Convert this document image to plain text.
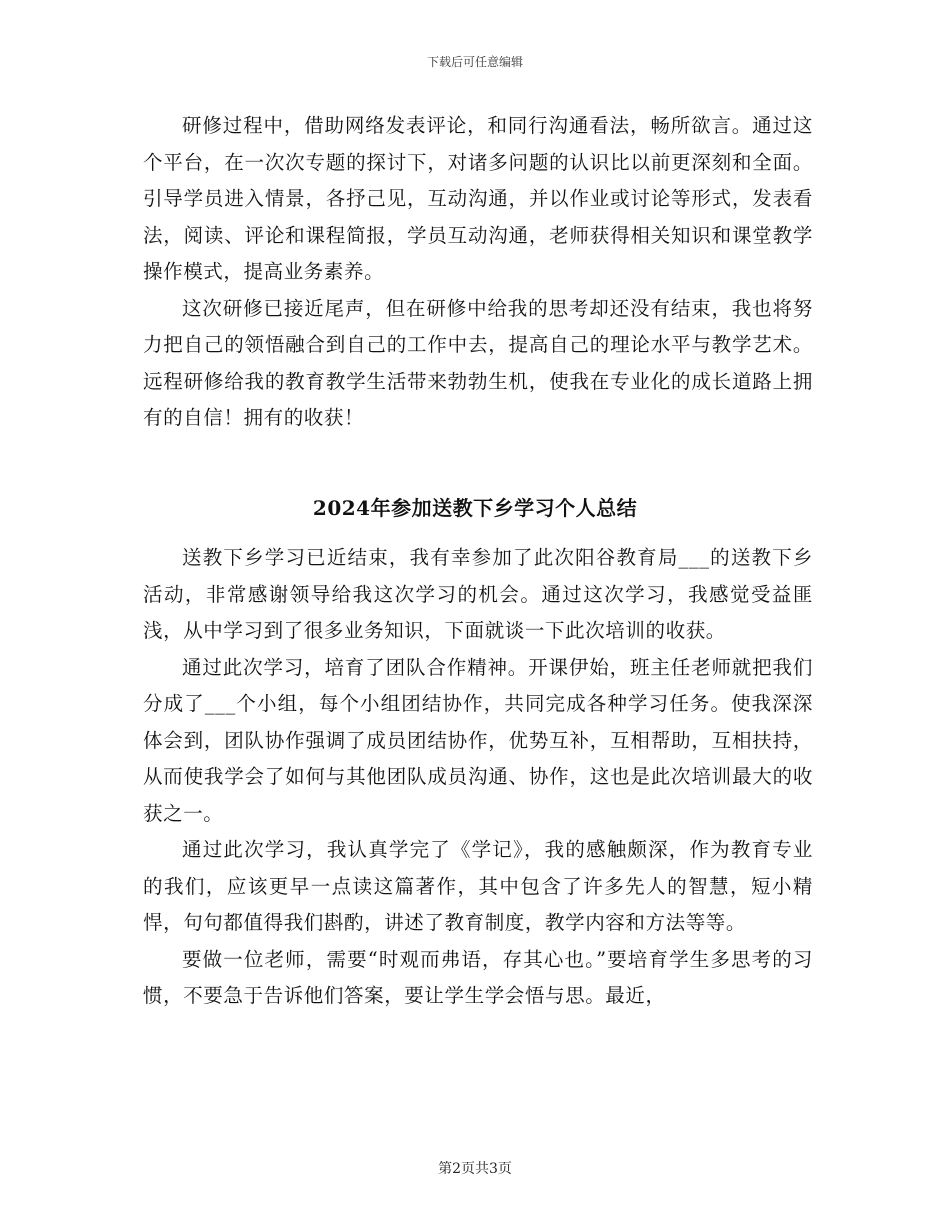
下载后可任意编辑

研修过程中，借助网络发表评论，和同行沟通看法，畅所欲言。通过这个平台，在一次次专题的探讨下，对诸多问题的认识比以前更深刻和全面。引导学员进入情景，各抒己见，互动沟通，并以作业或讨论等形式，发表看法，阅读、评论和课程简报，学员互动沟通，老师获得相关知识和课堂教学操作模式，提高业务素养。

这次研修已接近尾声，但在研修中给我的思考却还没有结束，我也将努力把自己的领悟融合到自己的工作中去，提高自己的理论水平与教学艺术。远程研修给我的教育教学生活带来勃勃生机，使我在专业化的成长道路上拥有的自信！拥有的收获！

2024年参加送教下乡学习个人总结

送教下乡学习已近结束，我有幸参加了此次阳谷教育局___的送教下乡活动，非常感谢领导给我这次学习的机会。通过这次学习，我感觉受益匪浅，从中学习到了很多业务知识，下面就谈一下此次培训的收获。

通过此次学习，培育了团队合作精神。开课伊始，班主任老师就把我们分成了___个小组，每个小组团结协作，共同完成各种学习任务。使我深深体会到，团队协作强调了成员团结协作，优势互补，互相帮助，互相扶持，从而使我学会了如何与其他团队成员沟通、协作，这也是此次培训最大的收获之一。

通过此次学习，我认真学完了《学记》，我的感触颇深，作为教育专业的我们，应该更早一点读这篇著作，其中包含了许多先人的智慧，短小精悍，句句都值得我们斟酌，讲述了教育制度，教学内容和方法等等。

要做一位老师，需要“时观而弗语，存其心也。”要培育学生多思考的习惯，不要急于告诉他们答案，要让学生学会悟与思。最近，

第2页共3页
